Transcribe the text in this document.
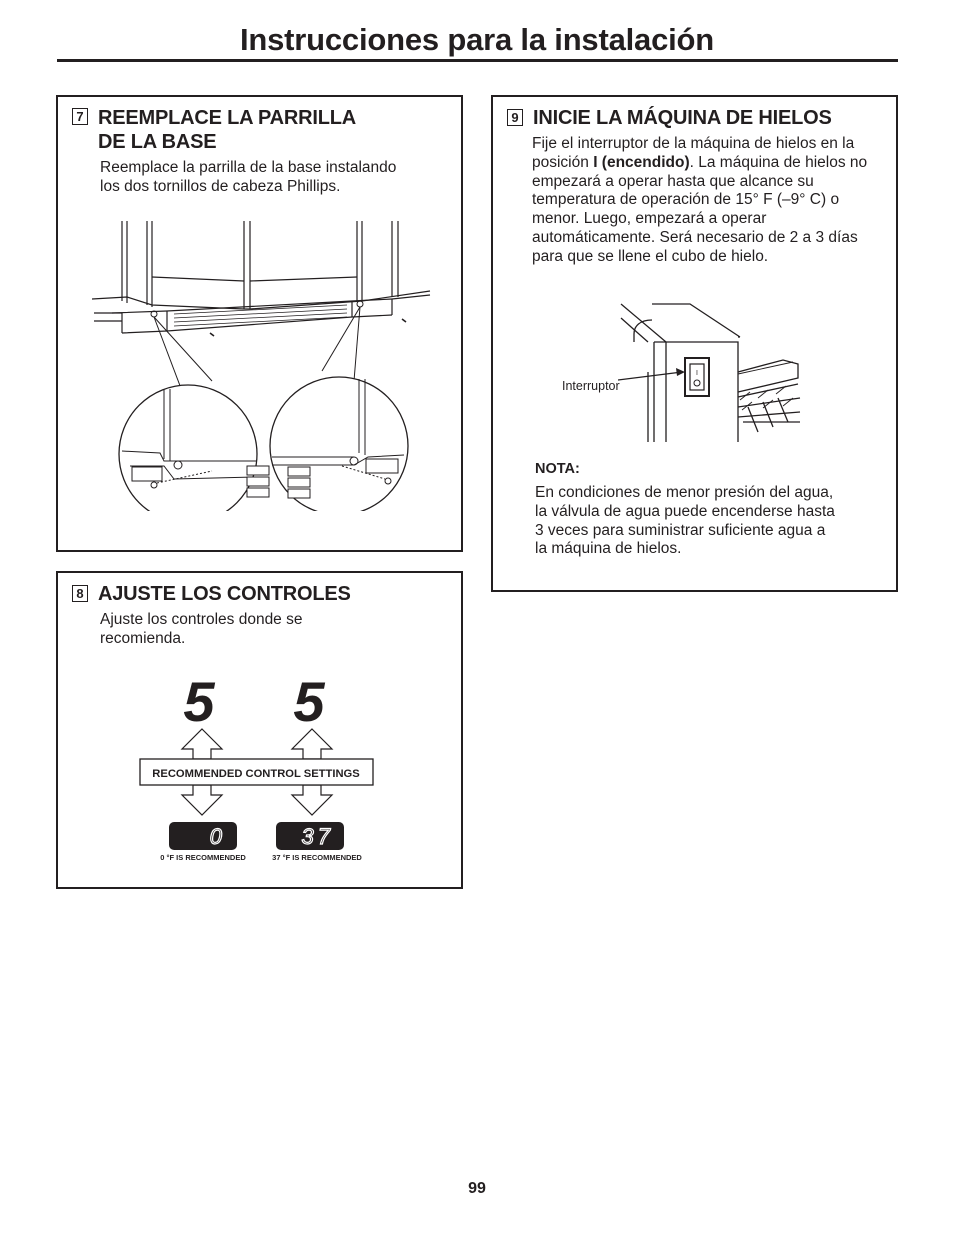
Instrucciones para la instalación
7 REEMPLACE LA PARRILLA
DE LA BASE
Reemplace la parrilla de la base instalando los dos tornillos de cabeza Phillips.
8 AJUSTE LOS CONTROLES
Ajuste los controles donde se recomienda.
5 5
RECOMMENDED CONTROL SETTINGS
0	37
0 °F IS RECOMMENDED	37 °F IS RECOMMENDED
9 INICIE LA MÁQUINA DE HIELOS
Fije el interruptor de la máquina de hielos en la posición I (encendido). La máquina de hielos no empezará a operar hasta que alcance su temperatura de operación de 15° F (–9° C) o menor. Luego, empezará a operar automáticamente. Será necesario de 2 a 3 días para que se llene el cubo de hielo.
Interruptor
I
NOTA:
En condiciones de menor presión del agua, la válvula de agua puede encenderse hasta 3 veces para suministrar suficiente agua a la máquina de hielos.
99
